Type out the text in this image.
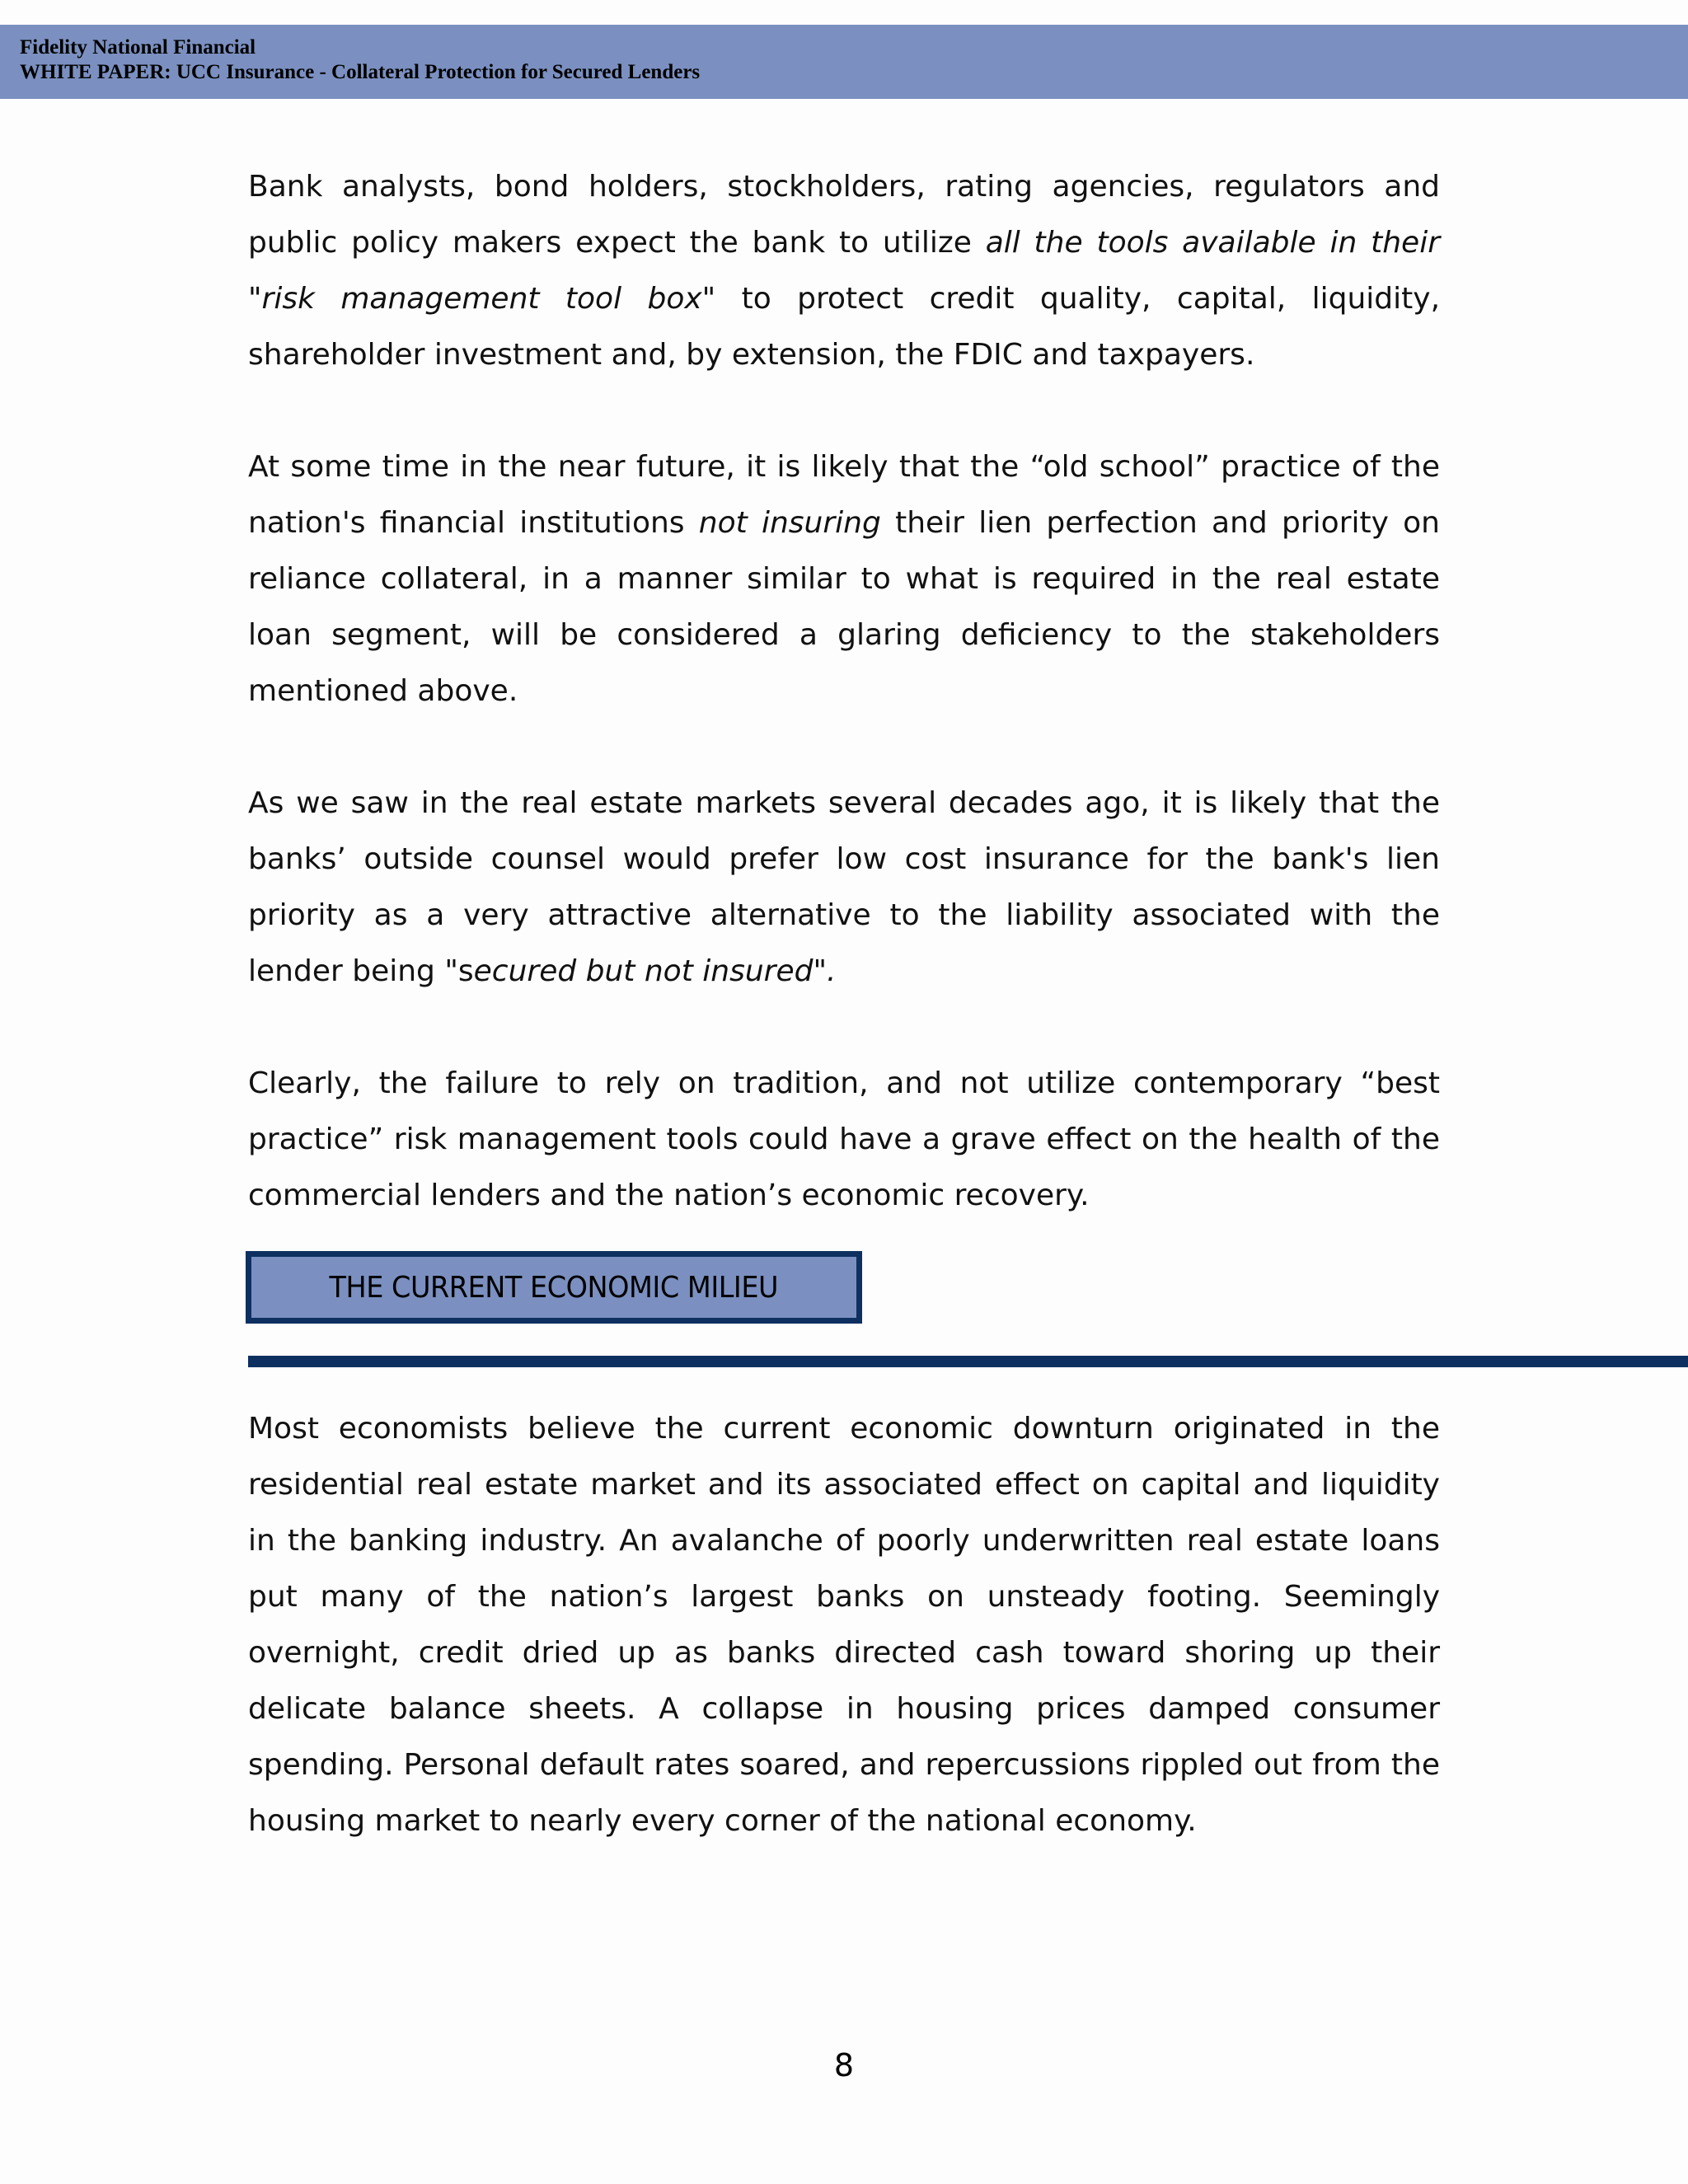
Fidelity National Financial
WHITE PAPER: UCC Insurance - Collateral Protection for Secured Lenders

Bank analysts, bond holders, stockholders, rating agencies, regulators and public policy makers expect the bank to utilize all the tools available in their "risk management tool box" to protect credit quality, capital, liquidity, shareholder investment and, by extension, the FDIC and taxpayers.

At some time in the near future, it is likely that the “old school” practice of the nation's financial institutions not insuring their lien perfection and priority on reliance collateral, in a manner similar to what is required in the real estate loan segment, will be considered a glaring deficiency to the stakeholders mentioned above.

As we saw in the real estate markets several decades ago, it is likely that the banks’ outside counsel would prefer low cost insurance for the bank's lien priority as a very attractive alternative to the liability associated with the lender being "secured but not insured".

Clearly, the failure to rely on tradition, and not utilize contemporary “best practice” risk management tools could have a grave effect on the health of the commercial lenders and the nation’s economic recovery.

THE CURRENT ECONOMIC MILIEU

Most economists believe the current economic downturn originated in the residential real estate market and its associated effect on capital and liquidity in the banking industry. An avalanche of poorly underwritten real estate loans put many of the nation’s largest banks on unsteady footing. Seemingly overnight, credit dried up as banks directed cash toward shoring up their delicate balance sheets. A collapse in housing prices damped consumer spending. Personal default rates soared, and repercussions rippled out from the housing market to nearly every corner of the national economy.

8
